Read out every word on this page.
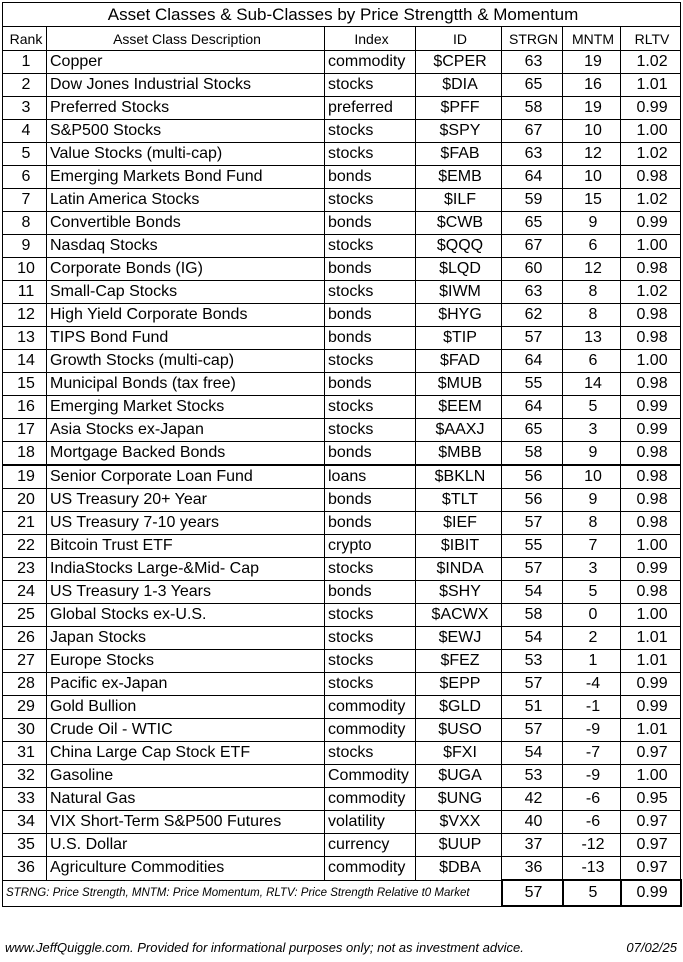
Asset Classes & Sub-Classes by Price Strengtth & Momentum						
Rank	Asset Class Description	Index	ID	STRGN	MNTM	RLTV
1	Copper	commodity	$CPER	63	19	1.02
2	Dow Jones Industrial Stocks	stocks	$DIA	65	16	1.01
3	Preferred Stocks	preferred	$PFF	58	19	0.99
4	S&P500 Stocks	stocks	$SPY	67	10	1.00
5	Value Stocks (multi-cap)	stocks	$FAB	63	12	1.02
6	Emerging Markets Bond Fund	bonds	$EMB	64	10	0.98
7	Latin America Stocks	stocks	$ILF	59	15	1.02
8	Convertible Bonds	bonds	$CWB	65	9	0.99
9	Nasdaq Stocks	stocks	$QQQ	67	6	1.00
10	Corporate Bonds (IG)	bonds	$LQD	60	12	0.98
11	Small-Cap Stocks	stocks	$IWM	63	8	1.02
12	High Yield Corporate Bonds	bonds	$HYG	62	8	0.98
13	TIPS Bond Fund	bonds	$TIP	57	13	0.98
14	Growth Stocks (multi-cap)	stocks	$FAD	64	6	1.00
15	Municipal Bonds (tax free)	bonds	$MUB	55	14	0.98
16	Emerging Market Stocks	stocks	$EEM	64	5	0.99
17	Asia Stocks ex-Japan	stocks	$AAXJ	65	3	0.99
18	Mortgage Backed Bonds	bonds	$MBB	58	9	0.98
19	Senior Corporate Loan Fund	loans	$BKLN	56	10	0.98
20	US Treasury 20+ Year	bonds	$TLT	56	9	0.98
21	US Treasury 7-10 years	bonds	$IEF	57	8	0.98
22	Bitcoin Trust ETF	crypto	$IBIT	55	7	1.00
23	IndiaStocks Large-&Mid- Cap	stocks	$INDA	57	3	0.99
24	US Treasury 1-3 Years	bonds	$SHY	54	5	0.98
25	Global Stocks ex-U.S.	stocks	$ACWX	58	0	1.00
26	Japan Stocks	stocks	$EWJ	54	2	1.01
27	Europe Stocks	stocks	$FEZ	53	1	1.01
28	Pacific ex-Japan	stocks	$EPP	57	-4	0.99
29	Gold Bullion	commodity	$GLD	51	-1	0.99
30	Crude Oil - WTIC	commodity	$USO	57	-9	1.01
31	China Large Cap Stock ETF	stocks	$FXI	54	-7	0.97
32	Gasoline	Commodity	$UGA	53	-9	1.00
33	Natural Gas	commodity	$UNG	42	-6	0.95
34	VIX Short-Term S&P500 Futures	volatility	$VXX	40	-6	0.97
35	U.S. Dollar	currency	$UUP	37	-12	0.97
36	Agriculture Commodities	commodity	$DBA	36	-13	0.97
STRNG: Price Strength, MNTM: Price Momentum, RLTV: Price Strength Relative t0 Market				57	5	0.99
www.JeffQuiggle.com. Provided for informational purposes only; not as investment advice.	07/02/25
